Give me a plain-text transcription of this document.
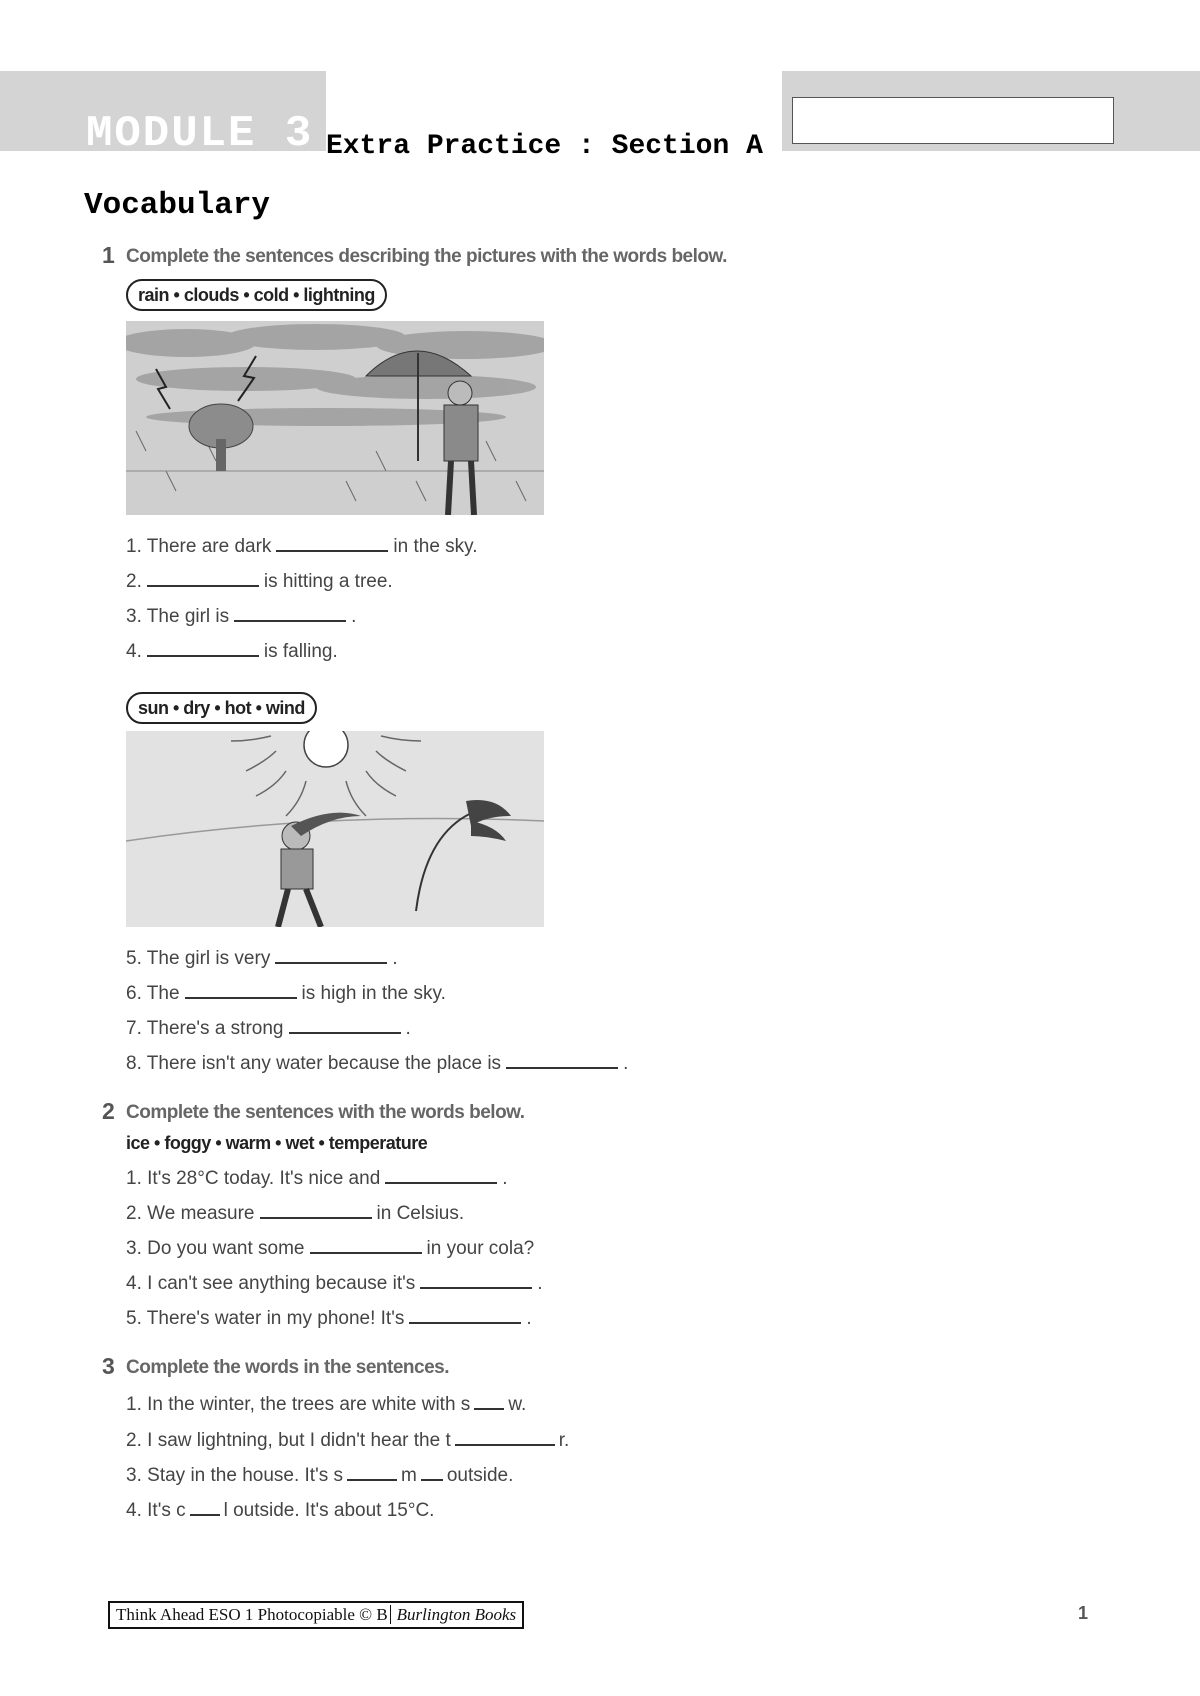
MODULE 3 Extra Practice : Section A
Vocabulary
1 Complete the sentences describing the pictures with the words below.
rain • clouds • cold • lightning
1. There are dark	in the sky.
2.	is hitting a tree.
3. The girl is	.
4.	is falling.
sun • dry • hot • wind
5. The girl is very	.
6. The	is high in the sky.
7. There's a strong	.
8. There isn't any water because the place is	.
2 Complete the sentences with the words below.
ice • foggy • warm • wet • temperature
1. It's 28°C today. It's nice and	.
2. We measure	in Celsius.
3. Do you want some	in your cola?
4. I can't see anything because it's	.
5. There's water in my phone! It's	.
3 Complete the words in the sentences.
1. In the winter, the trees are white with s w.
2. I saw lightning, but I didn't hear the t	r.
3. Stay in the house. It's s	m outside.
4. It's c l outside. It's about 15°C.
Think Ahead ESO 1 Photocopiable © B Burlington Books	1
